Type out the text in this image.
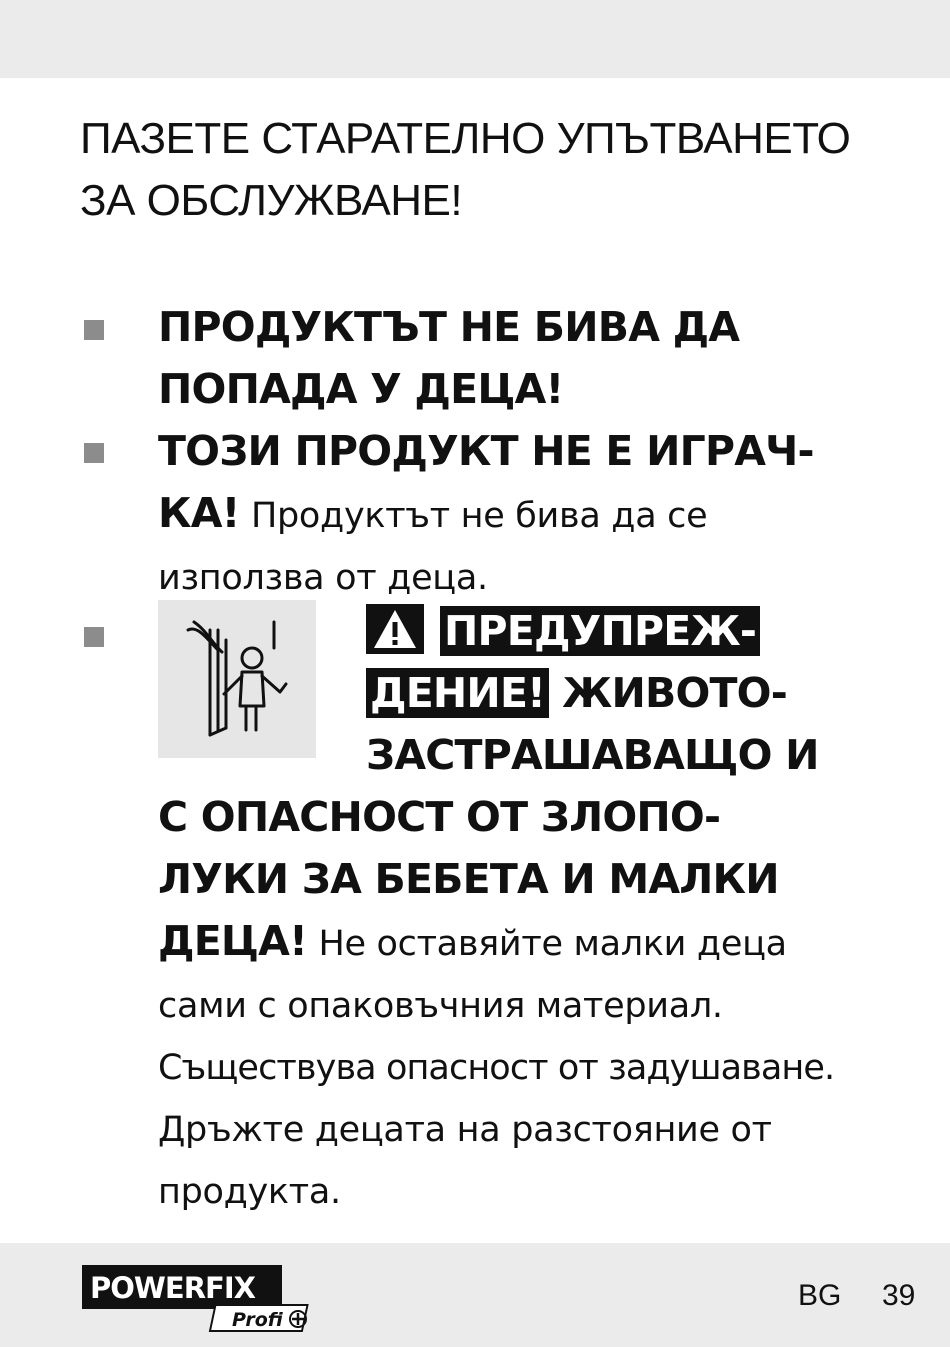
ПАЗЕТЕ СТАРАТЕЛНО УПЪТВАНЕТО
ЗА ОБСЛУЖВАНЕ!
ПРОДУКТЪТ НЕ БИВА ДА
ПОПАДА У ДЕЦА!
ТОЗИ ПРОДУКТ НЕ Е ИГРАЧ-
КА! Продуктът не бива да се
използва от деца.
ПРЕДУПРЕЖ-
ДЕНИЕ! ЖИВОТО-
ЗАСТРАШАВАЩО И
С ОПАСНОСТ ОТ ЗЛОПО-
ЛУКИ ЗА БЕБЕТА И МАЛКИ
ДЕЦА! Не оставяйте малки деца
сами с опаковъчния материал.
Съществува опасност от задушаване.
Дръжте децата на разстояние от
продукта.
POWERFIX
Profi
BG 39
